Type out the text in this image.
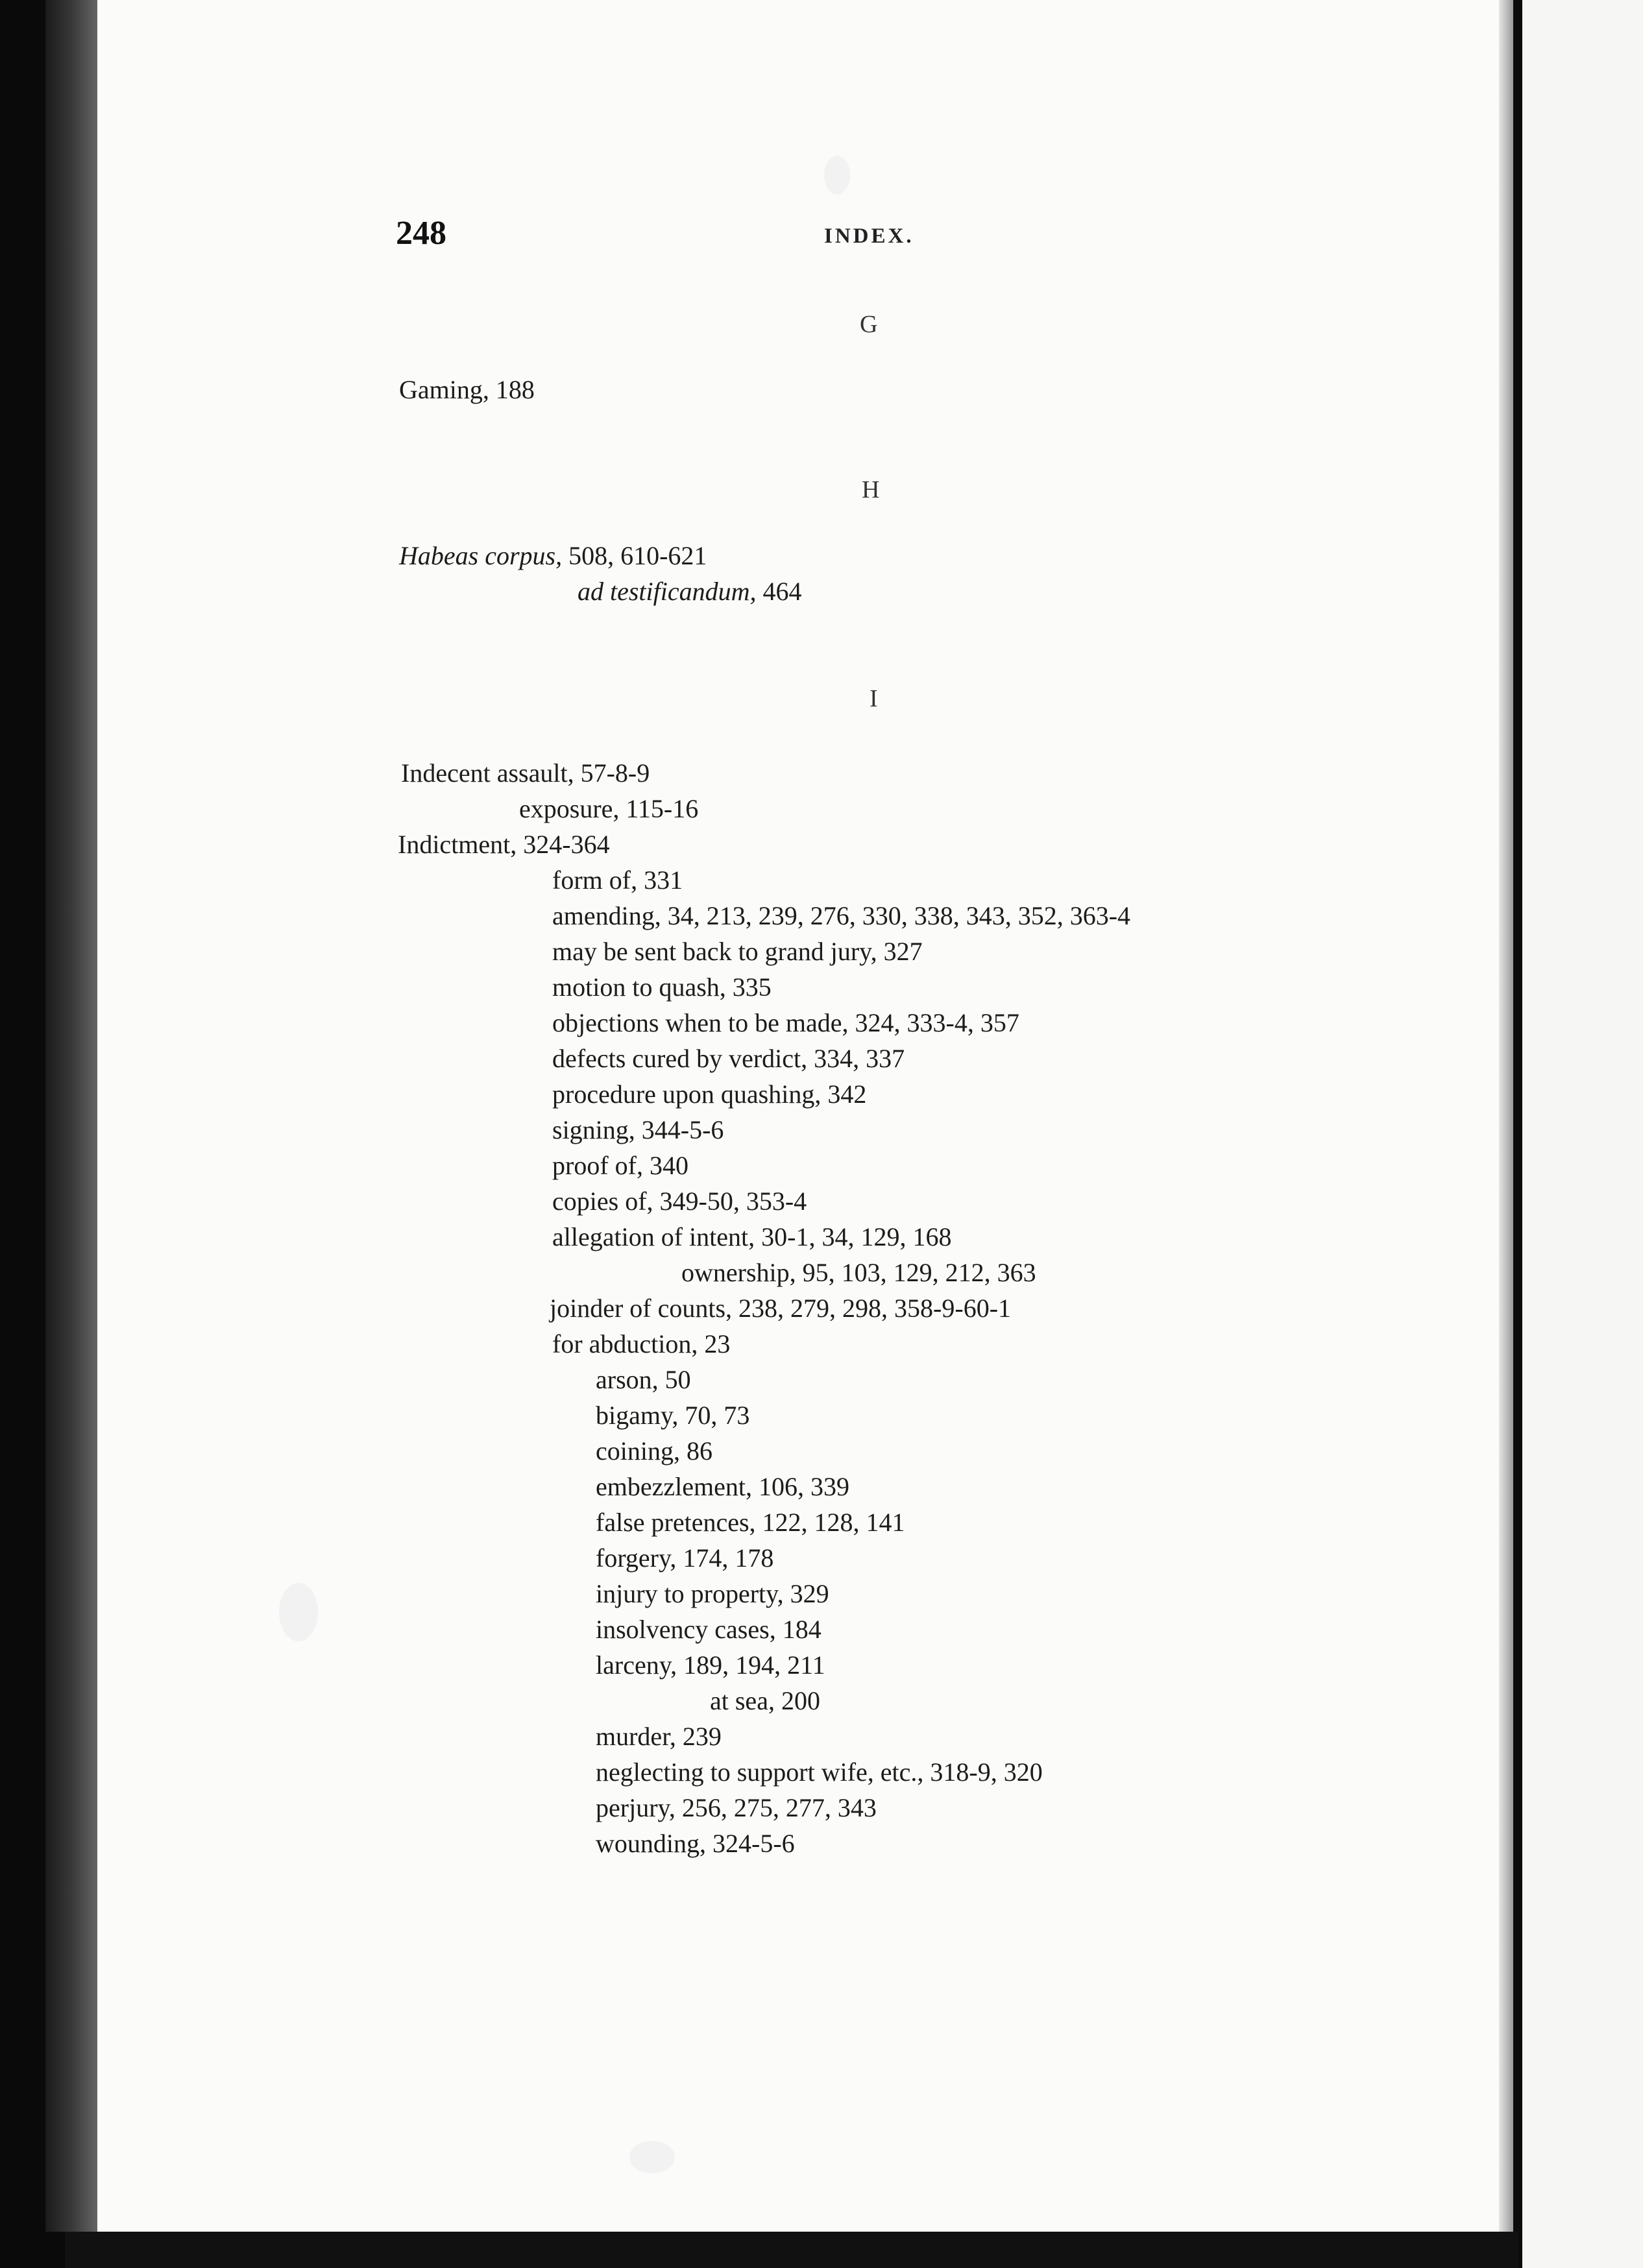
248	INDEX.
G
Gaming, 188
H
Habeas corpus, 508, 610-621
ad testificandum, 464
I
Indecent assault, 57-8-9
exposure, 115-16
Indictment, 324-364
form of, 331
amending, 34, 213, 239, 276, 330, 338, 343, 352, 363-4
may be sent back to grand jury, 327
motion to quash, 335
objections when to be made, 324, 333-4, 357
defects cured by verdict, 334, 337
procedure upon quashing, 342
signing, 344-5-6
proof of, 340
copies of, 349-50, 353-4
allegation of intent, 30-1, 34, 129, 168
ownership, 95, 103, 129, 212, 363
joinder of counts, 238, 279, 298, 358-9-60-1
for abduction, 23
arson, 50
bigamy, 70, 73
coining, 86
embezzlement, 106, 339
false pretences, 122, 128, 141
forgery, 174, 178
injury to property, 329
insolvency cases, 184
larceny, 189, 194, 211
at sea, 200
murder, 239
neglecting to support wife, etc., 318-9, 320
perjury, 256, 275, 277, 343
wounding, 324-5-6
